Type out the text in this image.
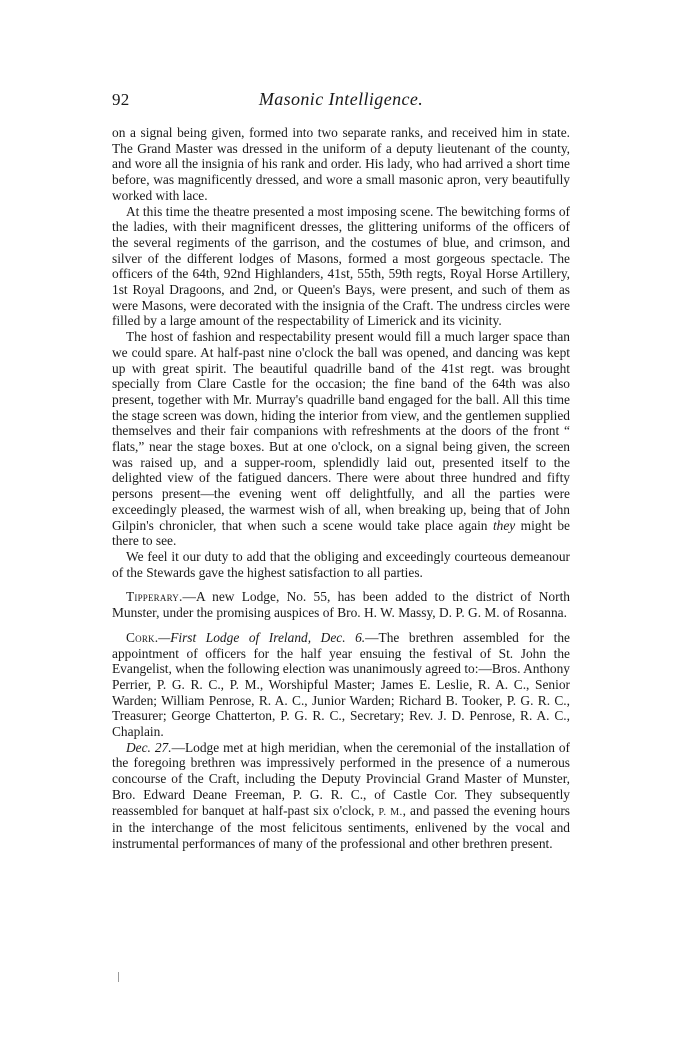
92	Masonic Intelligence.

on a signal being given, formed into two separate ranks, and received him in state. The Grand Master was dressed in the uniform of a deputy lieutenant of the county, and wore all the insignia of his rank and order. His lady, who had arrived a short time before, was magnificently dressed, and wore a small masonic apron, very beautifully worked with lace.

At this time the theatre presented a most imposing scene. The bewitching forms of the ladies, with their magnificent dresses, the glittering uniforms of the officers of the several regiments of the garrison, and the costumes of blue, and crimson, and silver of the different lodges of Masons, formed a most gorgeous spectacle. The officers of the 64th, 92nd Highlanders, 41st, 55th, 59th regts, Royal Horse Artillery, 1st Royal Dragoons, and 2nd, or Queen's Bays, were present, and such of them as were Masons, were decorated with the insignia of the Craft. The undress circles were filled by a large amount of the respectability of Limerick and its vicinity.

The host of fashion and respectability present would fill a much larger space than we could spare. At half-past nine o'clock the ball was opened, and dancing was kept up with great spirit. The beautiful quadrille band of the 41st regt. was brought specially from Clare Castle for the occasion; the fine band of the 64th was also present, together with Mr. Murray's quadrille band engaged for the ball. All this time the stage screen was down, hiding the interior from view, and the gentlemen supplied themselves and their fair companions with refreshments at the doors of the front “ flats,” near the stage boxes. But at one o'clock, on a signal being given, the screen was raised up, and a supper-room, splendidly laid out, presented itself to the delighted view of the fatigued dancers. There were about three hundred and fifty persons present—the evening went off delightfully, and all the parties were exceedingly pleased, the warmest wish of all, when breaking up, being that of John Gilpin's chronicler, that when such a scene would take place again they might be there to see.

We feel it our duty to add that the obliging and exceedingly courteous demeanour of the Stewards gave the highest satisfaction to all parties.

Tipperary.—A new Lodge, No. 55, has been added to the district of North Munster, under the promising auspices of Bro. H. W. Massy, D. P. G. M. of Rosanna.

Cork.—First Lodge of Ireland, Dec. 6.—The brethren assembled for the appointment of officers for the half year ensuing the festival of St. John the Evangelist, when the following election was unanimously agreed to:—Bros. Anthony Perrier, P. G. R. C., P. M., Worshipful Master; James E. Leslie, R. A. C., Senior Warden; William Penrose, R. A. C., Junior Warden; Richard B. Tooker, P. G. R. C., Treasurer; George Chatterton, P. G. R. C., Secretary; Rev. J. D. Penrose, R. A. C., Chaplain.

Dec. 27.—Lodge met at high meridian, when the ceremonial of the installation of the foregoing brethren was impressively performed in the presence of a numerous concourse of the Craft, including the Deputy Provincial Grand Master of Munster, Bro. Edward Deane Freeman, P. G. R. C., of Castle Cor. They subsequently reassembled for banquet at half-past six o'clock, P. M., and passed the evening hours in the interchange of the most felicitous sentiments, enlivened by the vocal and instrumental performances of many of the professional and other brethren present.
